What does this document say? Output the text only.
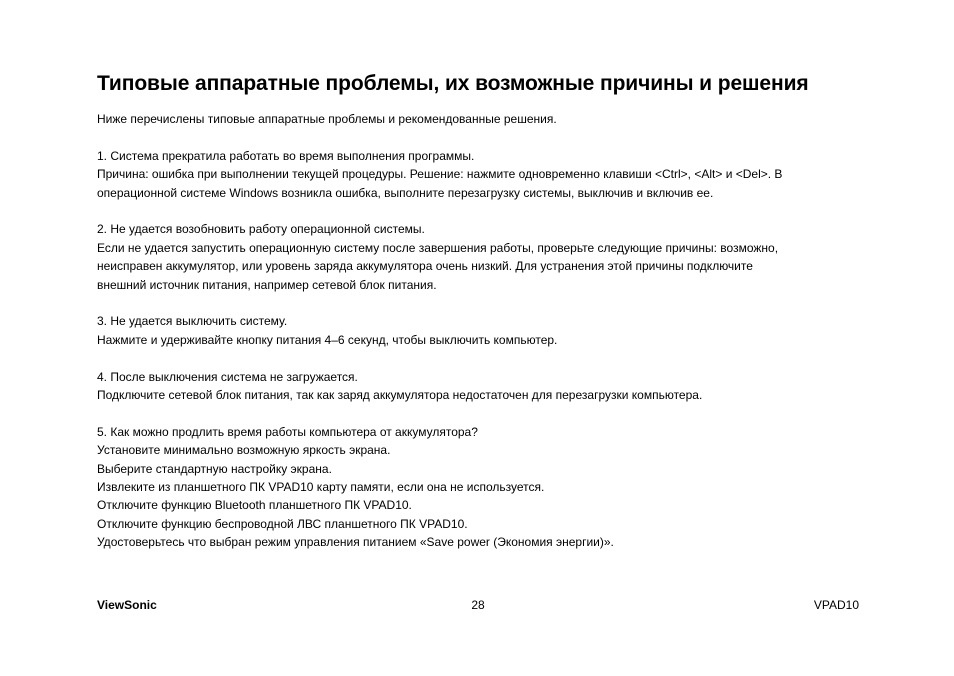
Типовые аппаратные проблемы, их возможные причины и решения

Ниже перечислены типовые аппаратные проблемы и рекомендованные решения.

1. Система прекратила работать во время выполнения программы.

Причина: ошибка при выполнении текущей процедуры. Решение: нажмите одновременно клавиши <Ctrl>, <Alt> и <Del>. В

операционной системе Windows возникла ошибка, выполните перезагрузку системы, выключив и включив ее.

2. Не удается возобновить работу операционной системы.

Если не удается запустить операционную систему после завершения работы, проверьте следующие причины: возможно,

неисправен аккумулятор, или уровень заряда аккумулятора очень низкий. Для устранения этой причины подключите

внешний источник питания, например сетевой блок питания.

3. Не удается выключить систему.

Нажмите и удерживайте кнопку питания 4–6 секунд, чтобы выключить компьютер.

4. После выключения система не загружается.

Подключите сетевой блок питания, так как заряд аккумулятора недостаточен для перезагрузки компьютера.

5. Как можно продлить время работы компьютера от аккумулятора?

Установите минимально возможную яркость экрана.

Выберите стандартную настройку экрана.

Извлеките из планшетного ПК VPAD10 карту памяти, если она не используется.

Отключите функцию Bluetooth планшетного ПК VPAD10.

Отключите функцию беспроводной ЛВС планшетного ПК VPAD10.

Удостоверьтесь что выбран режим управления питанием «Save power (Экономия энергии)».

ViewSonic	28	VPAD10
